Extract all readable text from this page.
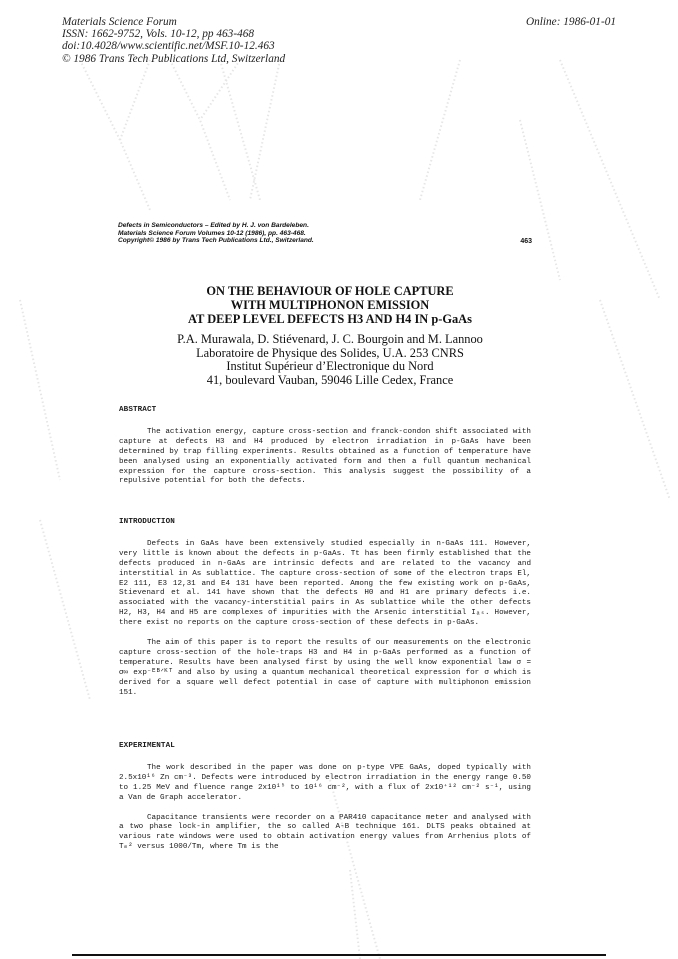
Materials Science Forum
ISSN: 1662-9752, Vols. 10-12, pp 463-468
doi:10.4028/www.scientific.net/MSF.10-12.463
© 1986 Trans Tech Publications Ltd, Switzerland
Online: 1986-01-01
Defects in Semiconductors – Edited by H. J. von Bardeleben.
Materials Science Forum Volumes 10-12 (1986), pp. 463-468.
Copyright© 1986 by Trans Tech Publications Ltd., Switzerland.	463
ON THE BEHAVIOUR OF HOLE CAPTURE
WITH MULTIPHONON EMISSION
AT DEEP LEVEL DEFECTS H3 AND H4 IN p-GaAs
P.A. Murawala, D. Stiévenard, J. C. Bourgoin and M. Lannoo
Laboratoire de Physique des Solides, U.A. 253 CNRS
Institut Supérieur d’Electronique du Nord
41, boulevard Vauban, 59046 Lille Cedex, France
ABSTRACT

The activation energy, capture cross-section and franck-condon shift associated with capture at defects H3 and H4 produced by electron irradiation in p-GaAs have been determined by trap filling experiments. Results obtained as a function of temperature have been analysed using an exponentially activated form and then a full quantum mechanical expression for the capture cross-section. This analysis suggest the possibility of a repulsive potential for both the defects.

INTRODUCTION

Defects in GaAs have been extensively studied especially in n-GaAs 111. However, very little is known about the defects in p-GaAs. Tt has been firmly established that the defects produced in n-GaAs are intrinsic defects and are related to the vacancy and interstitial in As sublattice. The capture cross-section of some of the electron traps El, E2 111, E3 12,31 and E4 131 have been reported. Among the few existing work on p-GaAs, Stievenard et al. 141 have shown that the defects H0 and H1 are primary defects i.e. associated with the vacancy-interstitial pairs in As sublattice while the other defects H2, H3, H4 and H5 are complexes of impurities with the Arsenic interstitial Iₐₛ. However, there exist no reports on the capture cross-section of these defects in p-GaAs.

The aim of this paper is to report the results of our measurements on the electronic capture cross-section of the hole-traps H3 and H4 in p-GaAs performed as a function of temperature. Results have been analysed first by using the well know exponential law σ = σ∞ exp⁻ᴱᴮᐟᴷᵀ and also by using a quantum mechanical theoretical expression for σ which is derived for a square well defect potential in case of capture with multiphonon emission 151.

EXPERIMENTAL

The work described in the paper was done on p-type VPE GaAs, doped typically with 2.5x10¹⁶ Zn cm⁻³. Defects were introduced by electron irradiation in the energy range 0.50 to 1.25 MeV and fluence range 2x10¹⁵ to 10¹⁶ cm⁻², with a flux of 2x10⁺¹² cm⁻² s⁻¹, using a Van de Graph accelerator.

Capacitance transients were recorder on a PAR410 capacitance meter and analysed with a two phase lock-in amplifier, the so called A-B technique 161. DLTS peaks obtained at various rate windows were used to obtain activation energy values from Arrhenius plots of Tₘ² versus 1000/Tm, where Tm is the
